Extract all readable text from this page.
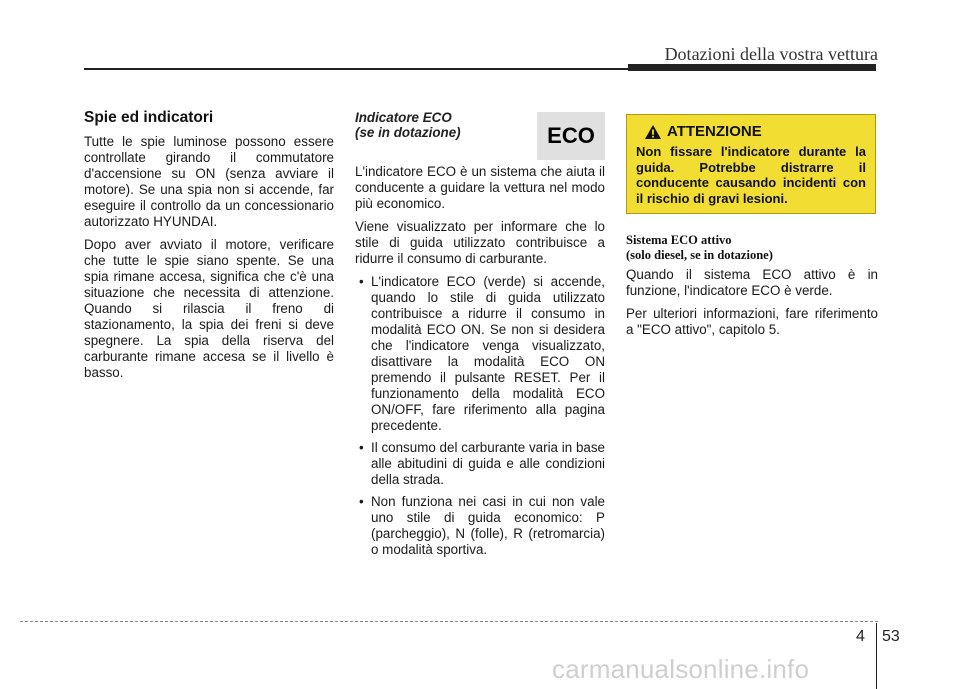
Dotazioni della vostra vettura
Spie ed indicatori

Tutte le spie luminose possono essere controllate girando il commutatore d'accensione su ON (senza avviare il motore). Se una spia non si accende, far eseguire il controllo da un concessionario autorizzato HYUNDAI.

Dopo aver avviato il motore, verificare che tutte le spie siano spente. Se una spia rimane accesa, significa che c'è una situazione che necessita di attenzione. Quando si rilascia il freno di stazionamento, la spia dei freni si deve spegnere. La spia della riserva del carburante rimane accesa se il livello è basso.

Indicatore ECO
(se in dotazione)

L'indicatore ECO è un sistema che aiuta il conducente a guidare la vettura nel modo più economico.

Viene visualizzato per informare che lo stile di guida utilizzato contribuisce a ridurre il consumo di carburante.

• L'indicatore ECO (verde) si accende, quando lo stile di guida utilizzato contribuisce a ridurre il consumo in modalità ECO ON. Se non si desidera che l'indicatore venga visualizzato, disattivare la modalità ECO ON premendo il pulsante RESET. Per il funzionamento della modalità ECO ON/OFF, fare riferimento alla pagina precedente.
• Il consumo del carburante varia in base alle abitudini di guida e alle condizioni della strada.
• Non funziona nei casi in cui non vale uno stile di guida economico: P (parcheggio), N (folle), R (retromarcia) o modalità sportiva.
ECO	ATTENZIONE

Non fissare l'indicatore durante la guida. Potrebbe distrarre il conducente causando incidenti con il rischio di gravi lesioni.

Sistema ECO attivo
(solo diesel, se in dotazione)

Quando il sistema ECO attivo è in funzione, l'indicatore ECO è verde.

Per ulteriori informazioni, fare riferimento a "ECO attivo", capitolo 5.

4 53
carmanualsonline.info
